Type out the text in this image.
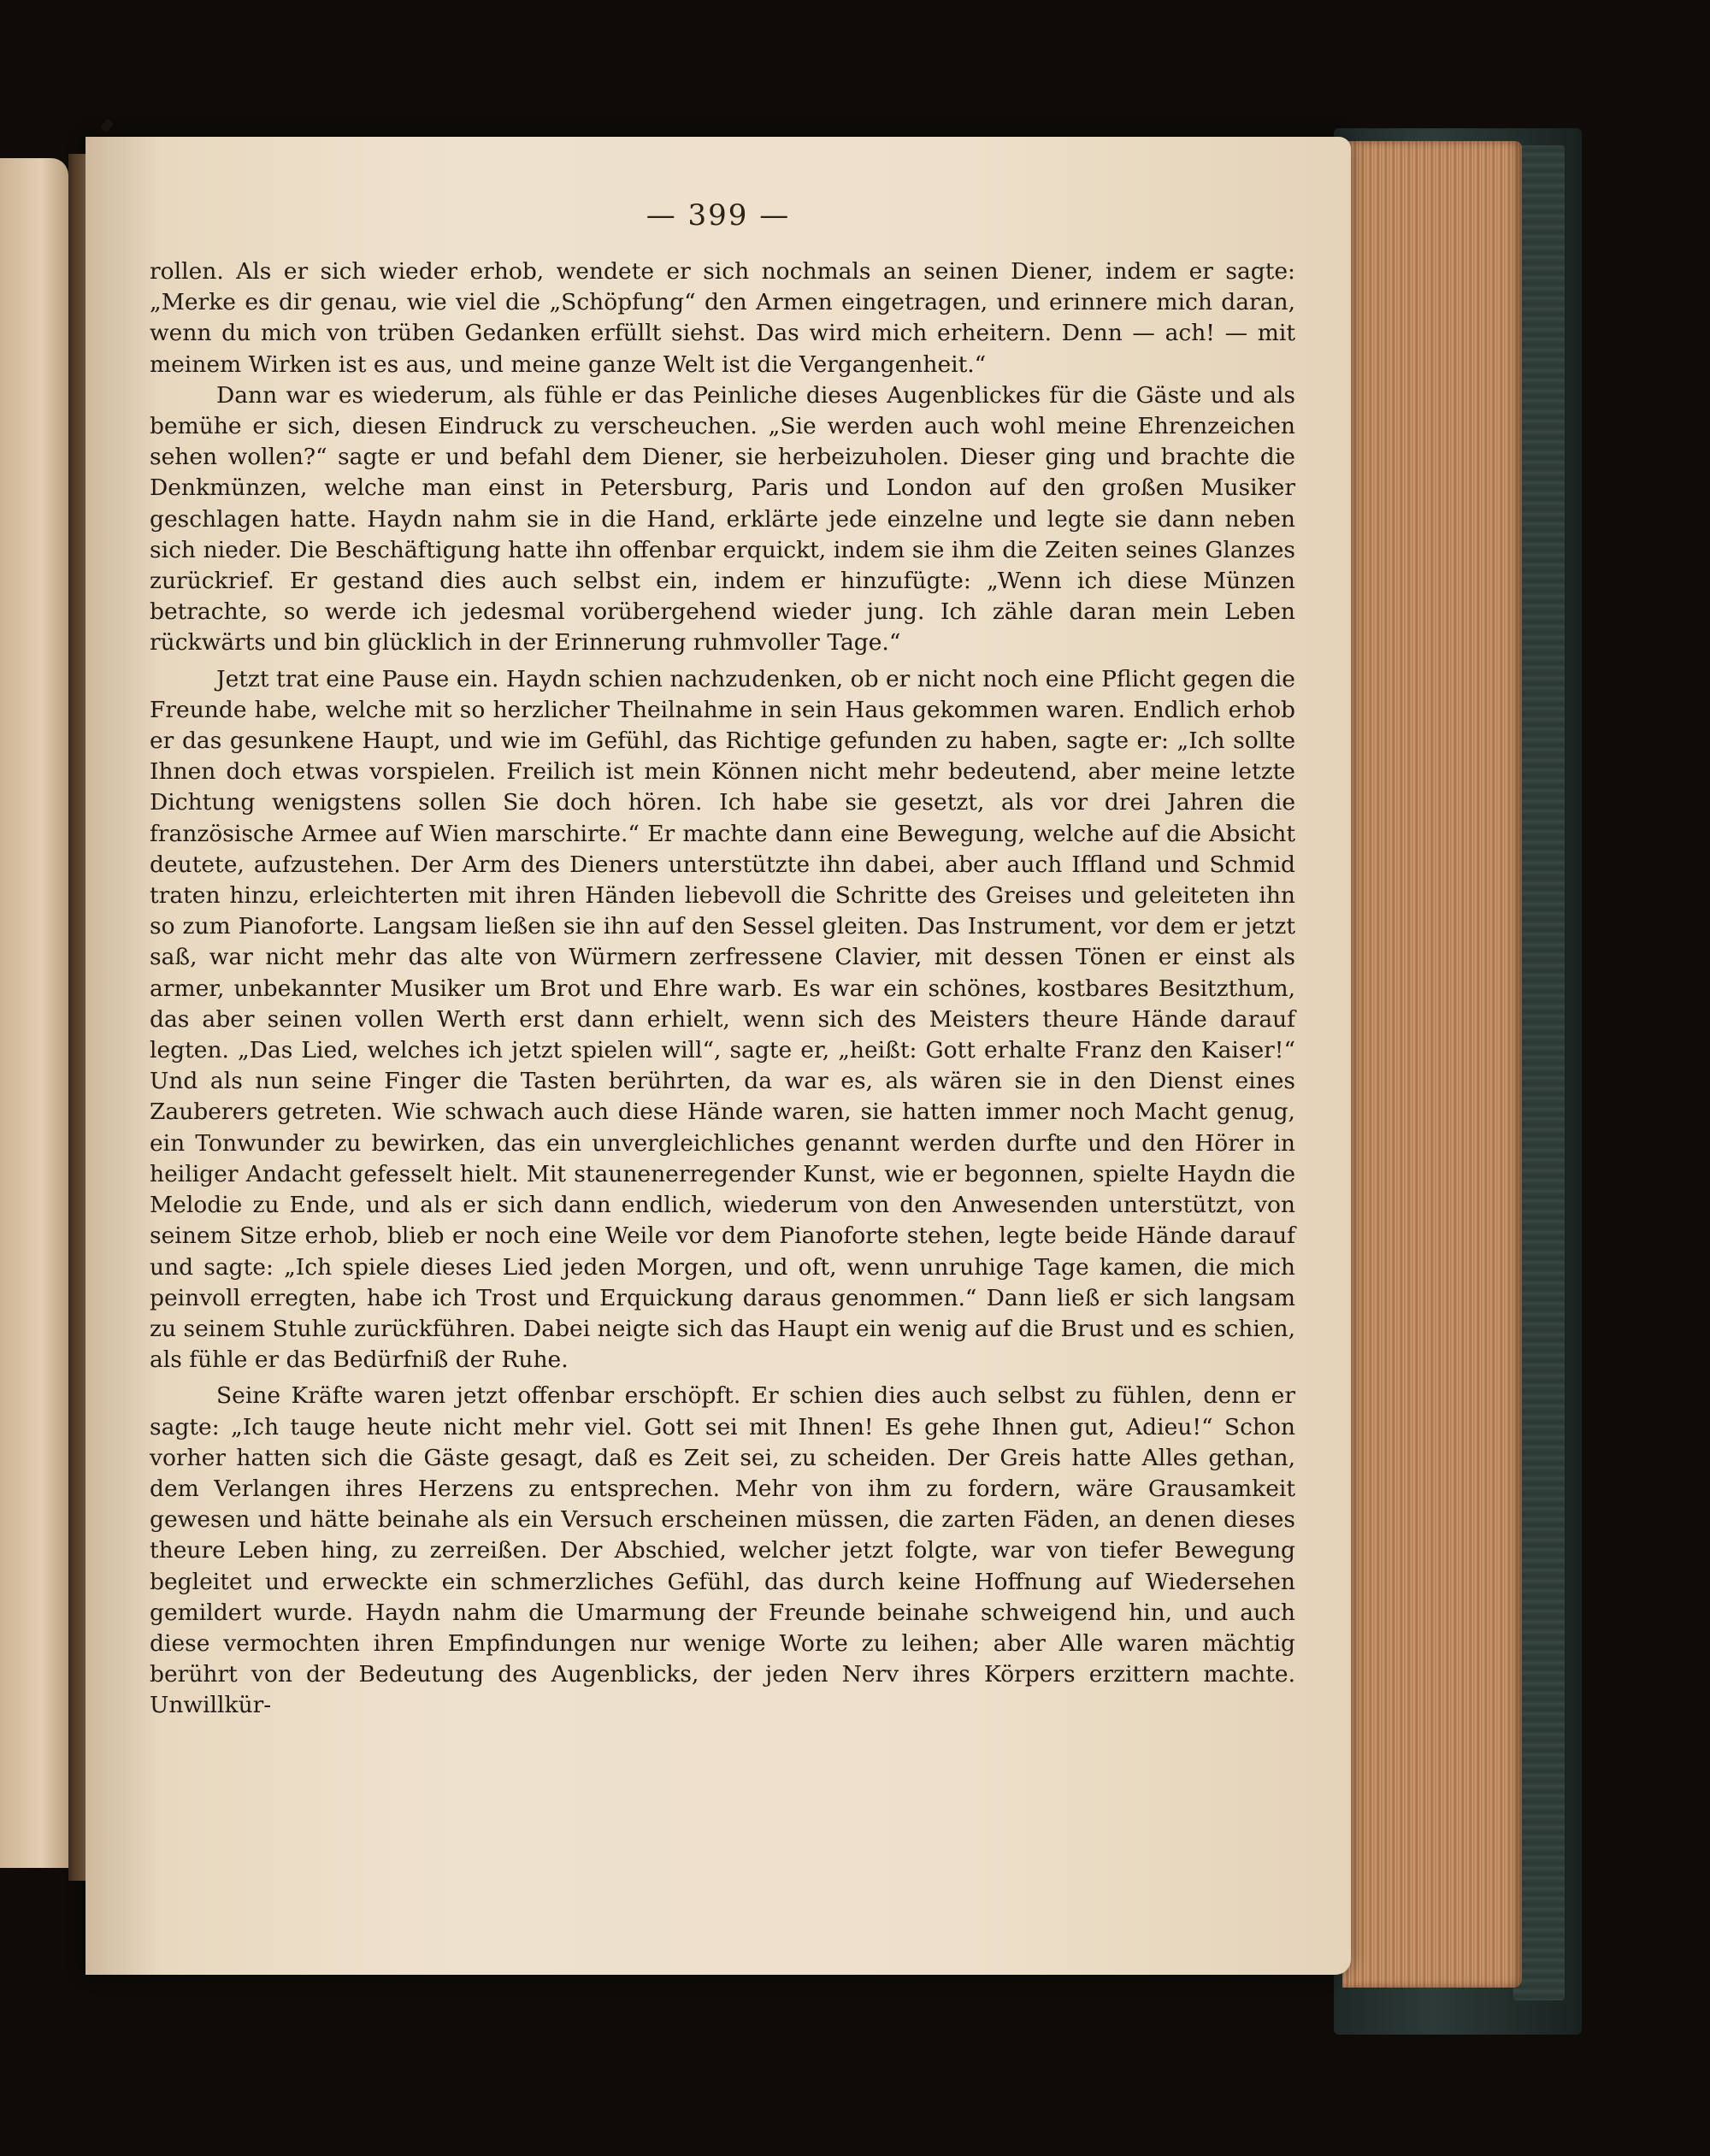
— 399 —

rollen. Als er sich wieder erhob, wendete er sich nochmals an seinen Diener, indem er sagte: „Merke es dir genau, wie viel die „Schöpfung“ den Armen eingetragen, und erinnere mich daran, wenn du mich von trüben Gedanken erfüllt siehst. Das wird mich erheitern. Denn — ach! — mit meinem Wirken ist es aus, und meine ganze Welt ist die Vergangenheit.“

Dann war es wiederum, als fühle er das Peinliche dieses Augenblickes für die Gäste und als bemühe er sich, diesen Eindruck zu verscheuchen. „Sie werden auch wohl meine Ehrenzeichen sehen wollen?“ sagte er und befahl dem Diener, sie herbeizuholen. Dieser ging und brachte die Denkmünzen, welche man einst in Petersburg, Paris und London auf den großen Musiker geschlagen hatte. Haydn nahm sie in die Hand, erklärte jede einzelne und legte sie dann neben sich nieder. Die Beschäftigung hatte ihn offenbar erquickt, indem sie ihm die Zeiten seines Glanzes zurückrief. Er gestand dies auch selbst ein, indem er hinzufügte: „Wenn ich diese Münzen betrachte, so werde ich jedesmal vorübergehend wieder jung. Ich zähle daran mein Leben rückwärts und bin glücklich in der Erinnerung ruhmvoller Tage.“

Jetzt trat eine Pause ein. Haydn schien nachzudenken, ob er nicht noch eine Pflicht gegen die Freunde habe, welche mit so herzlicher Theilnahme in sein Haus gekommen waren. Endlich erhob er das gesunkene Haupt, und wie im Gefühl, das Richtige gefunden zu haben, sagte er: „Ich sollte Ihnen doch etwas vorspielen. Freilich ist mein Können nicht mehr bedeutend, aber meine letzte Dichtung wenigstens sollen Sie doch hören. Ich habe sie gesetzt, als vor drei Jahren die französische Armee auf Wien marschirte.“ Er machte dann eine Bewegung, welche auf die Absicht deutete, aufzustehen. Der Arm des Dieners unterstützte ihn dabei, aber auch Iffland und Schmid traten hinzu, erleichterten mit ihren Händen liebevoll die Schritte des Greises und geleiteten ihn so zum Pianoforte. Langsam ließen sie ihn auf den Sessel gleiten. Das Instrument, vor dem er jetzt saß, war nicht mehr das alte von Würmern zerfressene Clavier, mit dessen Tönen er einst als armer, unbekannter Musiker um Brot und Ehre warb. Es war ein schönes, kostbares Besitzthum, das aber seinen vollen Werth erst dann erhielt, wenn sich des Meisters theure Hände darauf legten. „Das Lied, welches ich jetzt spielen will“, sagte er, „heißt: Gott erhalte Franz den Kaiser!“ Und als nun seine Finger die Tasten berührten, da war es, als wären sie in den Dienst eines Zauberers getreten. Wie schwach auch diese Hände waren, sie hatten immer noch Macht genug, ein Tonwunder zu bewirken, das ein unvergleichliches genannt werden durfte und den Hörer in heiliger Andacht gefesselt hielt. Mit staunenerregender Kunst, wie er begonnen, spielte Haydn die Melodie zu Ende, und als er sich dann endlich, wiederum von den Anwesenden unterstützt, von seinem Sitze erhob, blieb er noch eine Weile vor dem Pianoforte stehen, legte beide Hände darauf und sagte: „Ich spiele dieses Lied jeden Morgen, und oft, wenn unruhige Tage kamen, die mich peinvoll erregten, habe ich Trost und Erquickung daraus genommen.“ Dann ließ er sich langsam zu seinem Stuhle zurückführen. Dabei neigte sich das Haupt ein wenig auf die Brust und es schien, als fühle er das Bedürfniß der Ruhe.

Seine Kräfte waren jetzt offenbar erschöpft. Er schien dies auch selbst zu fühlen, denn er sagte: „Ich tauge heute nicht mehr viel. Gott sei mit Ihnen! Es gehe Ihnen gut, Adieu!“ Schon vorher hatten sich die Gäste gesagt, daß es Zeit sei, zu scheiden. Der Greis hatte Alles gethan, dem Verlangen ihres Herzens zu entsprechen. Mehr von ihm zu fordern, wäre Grausamkeit gewesen und hätte beinahe als ein Versuch erscheinen müssen, die zarten Fäden, an denen dieses theure Leben hing, zu zerreißen. Der Abschied, welcher jetzt folgte, war von tiefer Bewegung begleitet und erweckte ein schmerzliches Gefühl, das durch keine Hoffnung auf Wiedersehen gemildert wurde. Haydn nahm die Umarmung der Freunde beinahe schweigend hin, und auch diese vermochten ihren Empfindungen nur wenige Worte zu leihen; aber Alle waren mächtig berührt von der Bedeutung des Augenblicks, der jeden Nerv ihres Körpers erzittern machte. Unwillkür-
